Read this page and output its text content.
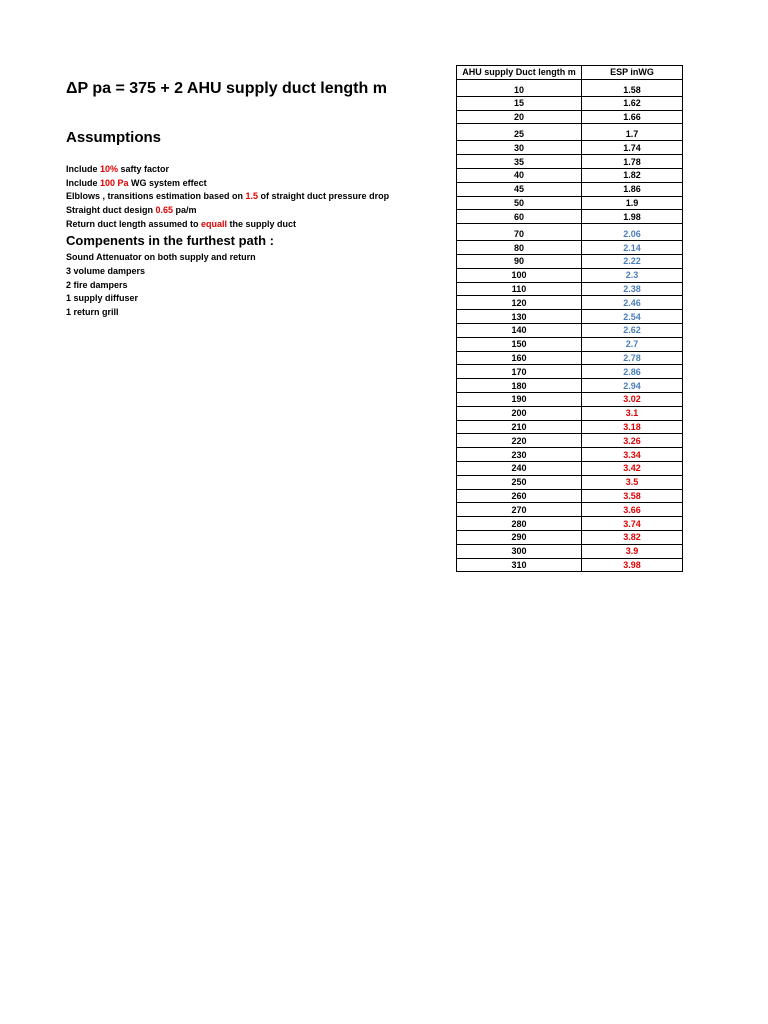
ΔP pa = 375 + 2 AHU supply duct length m
Assumptions
Include 10% safty factor
Include 100 Pa WG system effect
Elblows , transitions estimation based on 1.5 of straight duct pressure drop
Straight duct design 0.65 pa/m
Return duct length assumed to equall the supply duct
Compenents in the furthest path :
Sound Attenuator on both supply and return
3 volume dampers
2 fire dampers
1 supply diffuser
1 return grill
AHU supply Duct length m	ESP inWG
10	1.58
15	1.62
20	1.66
25	1.7
30	1.74
35	1.78
40	1.82
45	1.86
50	1.9
60	1.98
70	2.06
80	2.14
90	2.22
100	2.3
110	2.38
120	2.46
130	2.54
140	2.62
150	2.7
160	2.78
170	2.86
180	2.94
190	3.02
200	3.1
210	3.18
220	3.26
230	3.34
240	3.42
250	3.5
260	3.58
270	3.66
280	3.74
290	3.82
300	3.9
310	3.98
